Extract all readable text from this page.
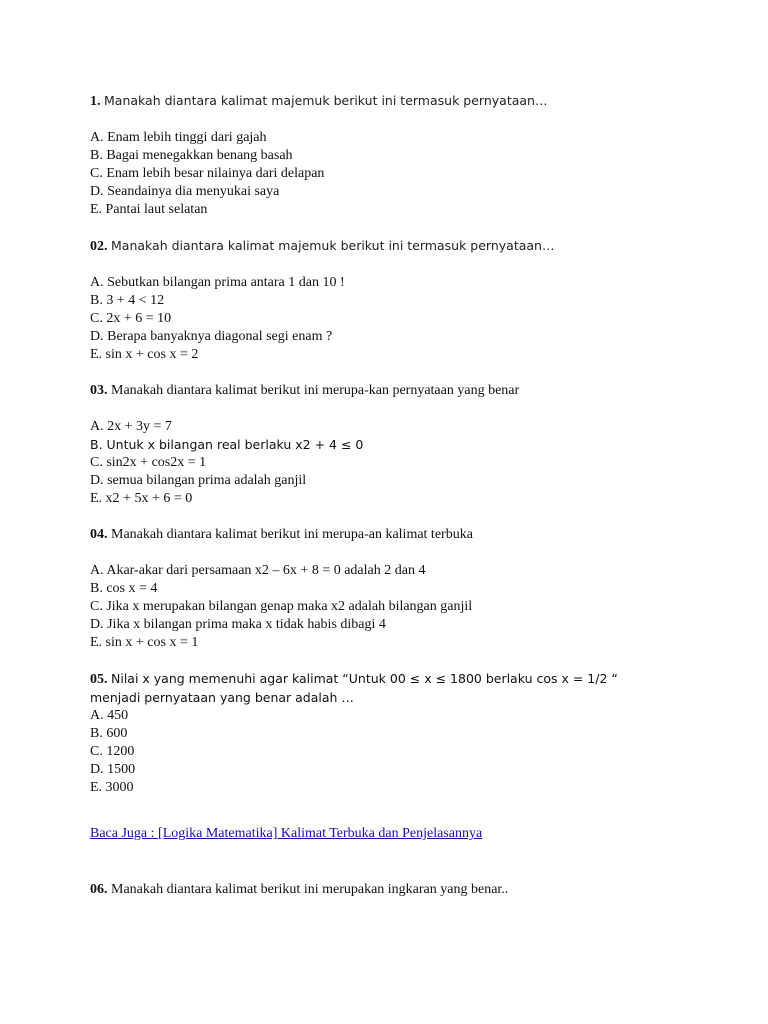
1. Manakah diantara kalimat majemuk berikut ini termasuk pernyataan…

A. Enam lebih tinggi dari gajah
B. Bagai menegakkan benang basah
C. Enam lebih besar nilainya dari delapan
D. Seandainya dia menyukai saya
E. Pantai laut selatan

02. Manakah diantara kalimat majemuk berikut ini termasuk pernyataan…

A. Sebutkan bilangan prima antara 1 dan 10 !
B. 3 + 4 < 12
C. 2x + 6 = 10
D. Berapa banyaknya diagonal segi enam ?
E. sin x + cos x = 2

03. Manakah diantara kalimat berikut ini merupa-kan pernyataan yang benar

A. 2x + 3y = 7
B. Untuk x bilangan real berlaku x2 + 4 ≤ 0
C. sin2x + cos2x = 1
D. semua bilangan prima adalah ganjil
E. x2 + 5x + 6 = 0

04. Manakah diantara kalimat berikut ini merupa-an kalimat terbuka

A. Akar-akar dari persamaan x2 – 6x + 8 = 0 adalah 2 dan 4
B. cos x = 4
C. Jika x merupakan bilangan genap maka x2 adalah bilangan ganjil
D. Jika x bilangan prima maka x tidak habis dibagi 4
E. sin x + cos x = 1

05. Nilai x yang memenuhi agar kalimat “Untuk 00 ≤ x ≤ 1800 berlaku cos x = 1/2 “

menjadi pernyataan yang benar adalah …

A. 450
B. 600
C. 1200
D. 1500
E. 3000

Baca Juga : [Logika Matematika] Kalimat Terbuka dan Penjelasannya

06. Manakah diantara kalimat berikut ini merupakan ingkaran yang benar..
